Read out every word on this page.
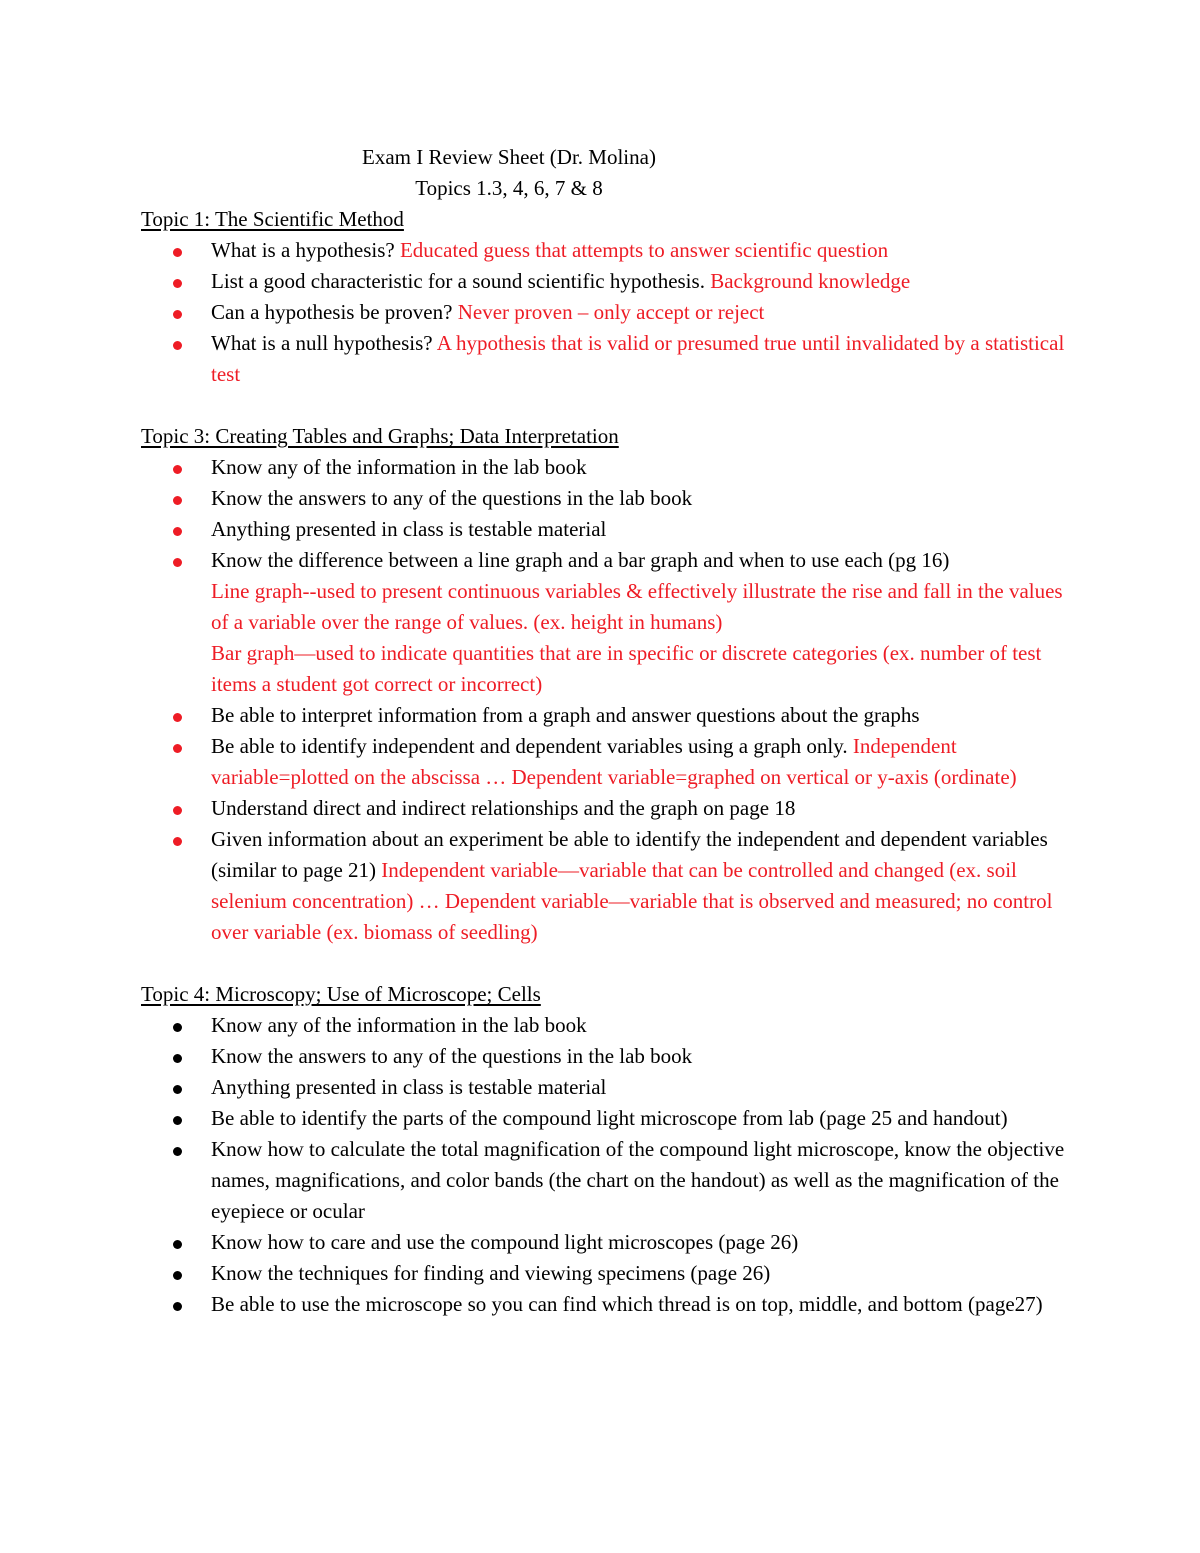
Exam I Review Sheet (Dr. Molina)

Topics 1.3, 4, 6, 7 & 8

Topic 1: The Scientific Method

What is a hypothesis? Educated guess that attempts to answer scientific question
List a good characteristic for a sound scientific hypothesis. Background knowledge
Can a hypothesis be proven? Never proven – only accept or reject
What is a null hypothesis? A hypothesis that is valid or presumed true until invalidated by a statistical test

Topic 3: Creating Tables and Graphs; Data Interpretation

Know any of the information in the lab book
Know the answers to any of the questions in the lab book
Anything presented in class is testable material
Know the difference between a line graph and a bar graph and when to use each (pg 16)
Line graph--used to present continuous variables & effectively illustrate the rise and fall in the values of a variable over the range of values. (ex. height in humans)
Bar graph—used to indicate quantities that are in specific or discrete categories (ex. number of test items a student got correct or incorrect)
Be able to interpret information from a graph and answer questions about the graphs
Be able to identify independent and dependent variables using a graph only. Independent variable=plotted on the abscissa … Dependent variable=graphed on vertical or y-axis (ordinate)
Understand direct and indirect relationships and the graph on page 18
Given information about an experiment be able to identify the independent and dependent variables (similar to page 21) Independent variable—variable that can be controlled and changed (ex. soil selenium concentration) … Dependent variable—variable that is observed and measured; no control over variable (ex. biomass of seedling)

Topic 4: Microscopy; Use of Microscope; Cells

Know any of the information in the lab book
Know the answers to any of the questions in the lab book
Anything presented in class is testable material
Be able to identify the parts of the compound light microscope from lab (page 25 and handout)
Know how to calculate the total magnification of the compound light microscope, know the objective names, magnifications, and color bands (the chart on the handout) as well as the magnification of the eyepiece or ocular
Know how to care and use the compound light microscopes (page 26)
Know the techniques for finding and viewing specimens (page 26)
Be able to use the microscope so you can find which thread is on top, middle, and bottom (page27)
